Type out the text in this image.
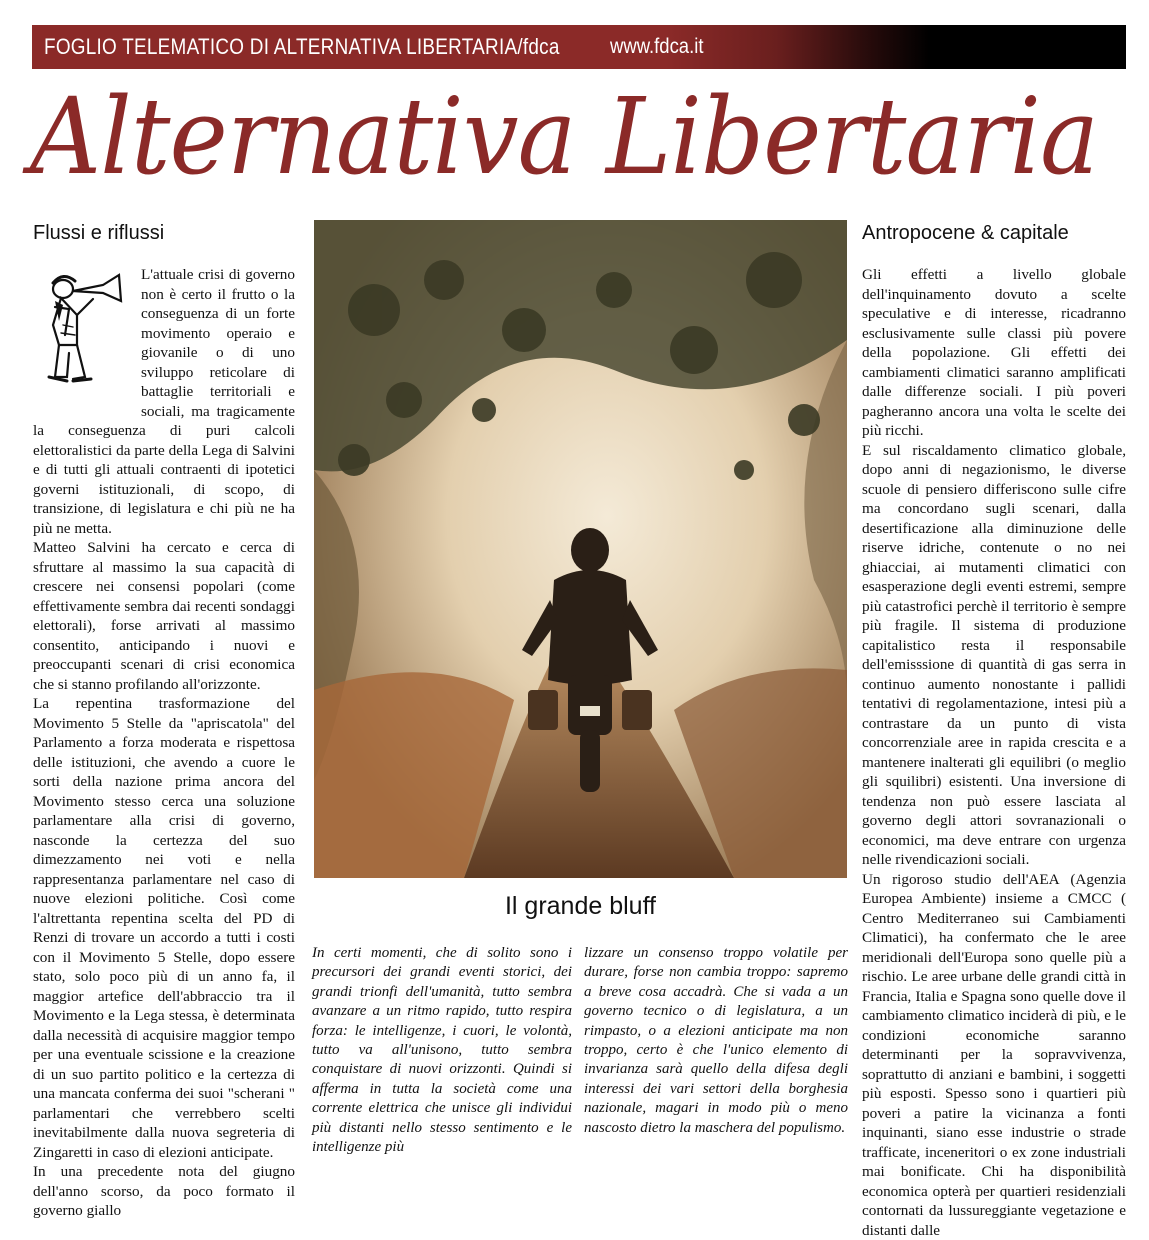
FOGLIO TELEMATICO DI ALTERNATIVA LIBERTARIA/fdca www.fdca.it
Alternativa Libertaria
Flussi e riflussi

L'attuale crisi di governo non è certo il frutto o la conseguenza di un forte movimento operaio e giovanile o di uno sviluppo reticolare di battaglie territoriali e sociali, ma tragicamente la conseguenza di puri calcoli elettoralistici da parte della Lega di Salvini e di tutti gli attuali contraenti di ipotetici governi istituzionali, di scopo, di transizione, di legislatura e chi più ne ha più ne metta.

Matteo Salvini ha cercato e cerca di sfruttare al massimo la sua capacità di crescere nei consensi popolari (come effettivamente sembra dai recenti sondaggi elettorali), forse arrivati al massimo consentito, anticipando i nuovi e preoccupanti scenari di crisi economica che si stanno profilando all'orizzonte.

La repentina trasformazione del Movimento 5 Stelle da "apriscatola" del Parlamento a forza moderata e rispettosa delle istituzioni, che avendo a cuore le sorti della nazione prima ancora del Movimento stesso cerca una soluzione parlamentare alla crisi di governo, nasconde la certezza del suo dimezzamento nei voti e nella rappresentanza parlamentare nel caso di nuove elezioni politiche. Così come l'altrettanta repentina scelta del PD di Renzi di trovare un accordo a tutti i costi con il Movimento 5 Stelle, dopo essere stato, solo poco più di un anno fa, il maggior artefice dell'abbraccio tra il Movimento e la Lega stessa, è determinata dalla necessità di acquisire maggior tempo per una eventuale scissione e la creazione di un suo partito politico e la certezza di una mancata conferma dei suoi "scherani " parlamentari che verrebbero scelti inevitabilmente dalla nuova segreteria di Zingaretti in caso di elezioni anticipate.

In una precedente nota del giugno dell'anno scorso, da poco formato il governo giallo

Il grande bluff
In certi momenti, che di solito sono i precursori dei grandi eventi storici, dei grandi trionfi dell'umanità, tutto sembra avanzare a un ritmo rapido, tutto respira forza: le intelligenze, i cuori, le volontà, tutto va all'unisono, tutto sembra conquistare di nuovi orizzonti. Quindi si afferma in tutta la società come una corrente elettrica che unisce gli individui più distanti nello stesso sentimento e le intelligenze più
lizzare un consenso troppo volatile per durare, forse non cambia troppo: sapremo a breve cosa accadrà. Che si vada a un governo tecnico o di legislatura, a un rimpasto, o a elezioni anticipate ma non troppo, certo è che l'unico elemento di invarianza sarà quello della difesa degli interessi dei vari settori della borghesia nazionale, magari in modo più o meno nascosto dietro la maschera del populismo.
Antropocene & capitale

Gli effetti a livello globale dell'inquinamento dovuto a scelte speculative e di interesse, ricadranno esclusivamente sulle classi più povere della popolazione. Gli effetti dei cambiamenti climatici saranno amplificati dalle differenze sociali. I più poveri pagheranno ancora una volta le scelte dei più ricchi.

E sul riscaldamento climatico globale, dopo anni di negazionismo, le diverse scuole di pensiero differiscono sulle cifre ma concordano sugli scenari, dalla desertificazione alla diminuzione delle riserve idriche, contenute o no nei ghiacciai, ai mutamenti climatici con esasperazione degli eventi estremi, sempre più catastrofici perchè il territorio è sempre più fragile. Il sistema di produzione capitalistico resta il responsabile dell'emisssione di quantità di gas serra in continuo aumento nonostante i pallidi tentativi di regolamentazione, intesi più a contrastare da un punto di vista concorrenziale aree in rapida crescita e a mantenere inalterati gli equilibri (o meglio gli squilibri) esistenti. Una inversione di tendenza non può essere lasciata al governo degli attori sovranazionali o economici, ma deve entrare con urgenza nelle rivendicazioni sociali.

Un rigoroso studio dell'AEA (Agenzia Europea Ambiente) insieme a CMCC ( Centro Mediterraneo sui Cambiamenti Climatici), ha confermato che le aree meridionali dell'Europa sono quelle più a rischio. Le aree urbane delle grandi città in Francia, Italia e Spagna sono quelle dove il cambiamento climatico inciderà di più, e le condizioni economiche saranno determinanti per la sopravvivenza, soprattutto di anziani e bambini, i soggetti più esposti. Spesso sono i quartieri più poveri a patire la vicinanza a fonti inquinanti, siano esse industrie o strade trafficate, inceneritori o ex zone industriali mai bonificate. Chi ha disponibilità economica opterà per quartieri residenziali contornati da lussureggiante vegetazione e distanti dalle
